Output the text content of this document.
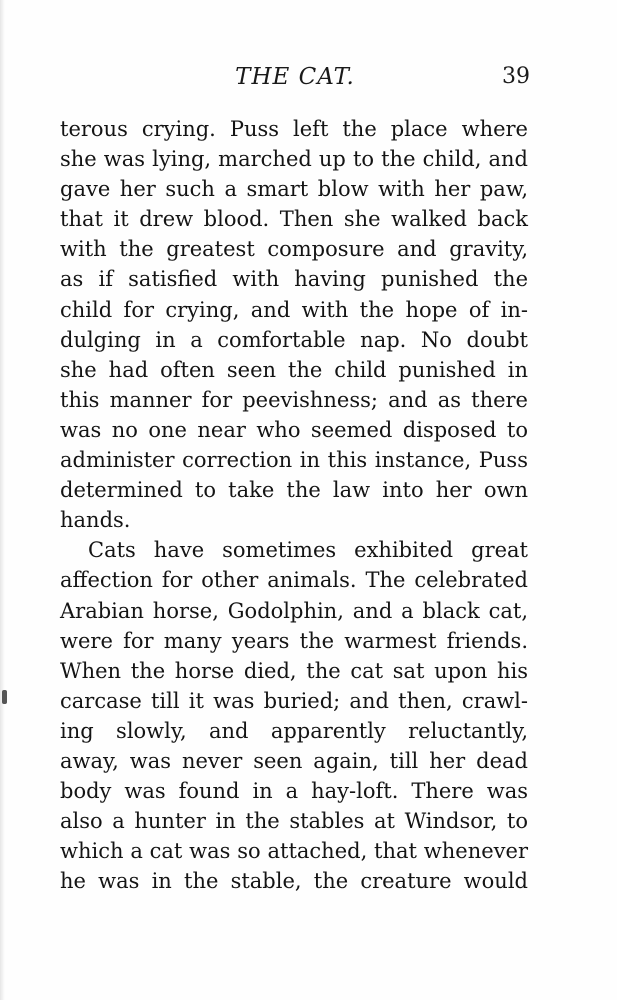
THE CAT.	39
terous crying. Puss left the place where
she was lying, marched up to the child, and
gave her such a smart blow with her paw,
that it drew blood. Then she walked back
with the greatest composure and gravity,
as if satisfied with having punished the
child for crying, and with the hope of in-
dulging in a comfortable nap. No doubt
she had often seen the child punished in
this manner for peevishness; and as there
was no one near who seemed disposed to
administer correction in this instance, Puss
determined to take the law into her own
hands.
Cats have sometimes exhibited great
affection for other animals. The celebrated
Arabian horse, Godolphin, and a black cat,
were for many years the warmest friends.
When the horse died, the cat sat upon his
carcase till it was buried; and then, crawl-
ing slowly, and apparently reluctantly,
away, was never seen again, till her dead
body was found in a hay-loft. There was
also a hunter in the stables at Windsor, to
which a cat was so attached, that whenever
he was in the stable, the creature would
